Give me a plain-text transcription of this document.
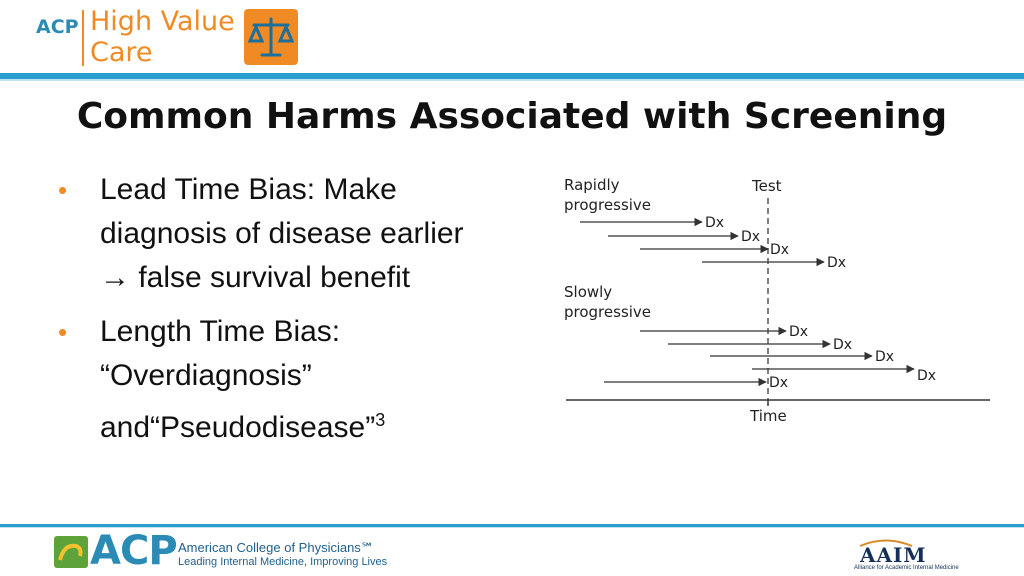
ACP High Value
Care
Common Harms Associated with Screening
• Lead Time Bias: Make diagnosis of disease earlier → false survival benefit
• Length Time Bias: “Overdiagnosis” and“Pseudodisease”$^3$
Rapidly
progressive
Test
Dx
Dx
Dx
Dx
Slowly
progressive
Dx
Dx
Dx
Dx
Dx
Time
ACP American College of Physicians℠
Leading Internal Medicine, Improving Lives	AAIM
Alliance for Academic Internal Medicine
